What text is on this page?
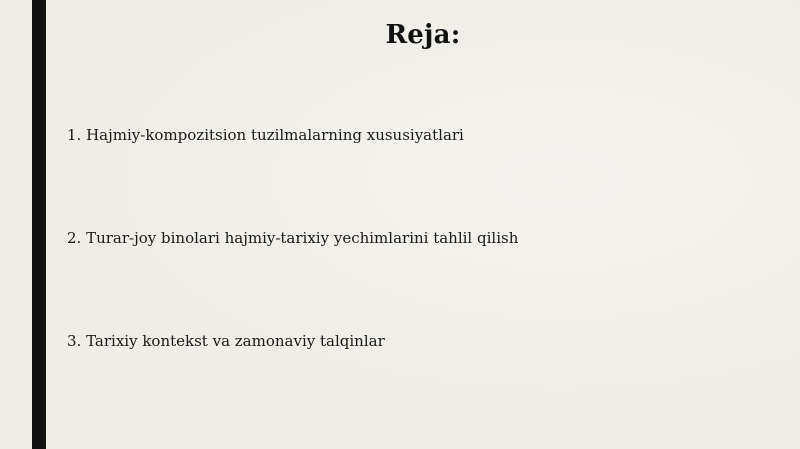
Reja:
1. Hajmiy-kompozitsion tuzilmalarning xususiyatlari
2. Turar-joy binolari hajmiy-tarixiy yechimlarini tahlil qilish
3. Tarixiy kontekst va zamonaviy talqinlar
